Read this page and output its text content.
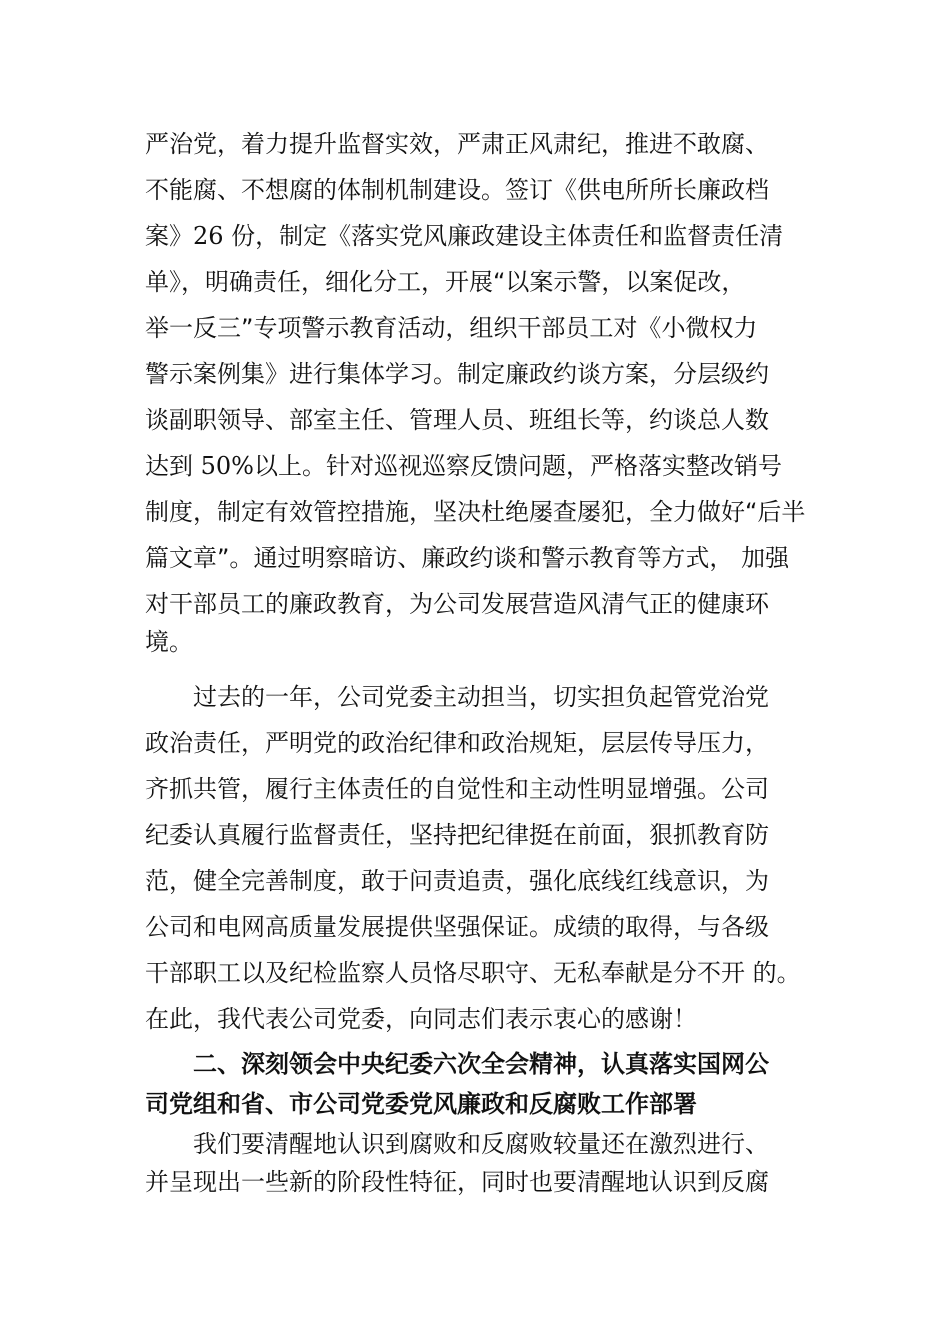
严治党，着力提升监督实效，严肃正风肃纪，推进不敢腐、
不能腐、不想腐的体制机制建设。签订《供电所所长廉政档
案》26 份，制定《落实党风廉政建设主体责任和监督责任清
单》，明确责任，细化分工，开展“以案示警，以案促改，
举一反三”专项警示教育活动，组织干部员工对《小微权力
警示案例集》进行集体学习。制定廉政约谈方案，分层级约
谈副职领导、部室主任、管理人员、班组长等，约谈总人数
达到 50%以上。针对巡视巡察反馈问题，严格落实整改销号
制度，制定有效管控措施，坚决杜绝屡查屡犯，全力做好“后半
篇文章”。通过明察暗访、廉政约谈和警示教育等方式， 加强
对干部员工的廉政教育，为公司发展营造风清气正的健康环
境。
过去的一年，公司党委主动担当，切实担负起管党治党
政治责任，严明党的政治纪律和政治规矩，层层传导压力，
齐抓共管，履行主体责任的自觉性和主动性明显增强。公司
纪委认真履行监督责任，坚持把纪律挺在前面，狠抓教育防
范，健全完善制度，敢于问责追责，强化底线红线意识，为
公司和电网高质量发展提供坚强保证。成绩的取得，与各级
干部职工以及纪检监察人员恪尽职守、无私奉献是分不开 的。
在此，我代表公司党委，向同志们表示衷心的感谢！
二、深刻领会中央纪委六次全会精神，认真落实国网公
司党组和省、市公司党委党风廉政和反腐败工作部署
我们要清醒地认识到腐败和反腐败较量还在激烈进行、
并呈现出一些新的阶段性特征，同时也要清醒地认识到反腐
